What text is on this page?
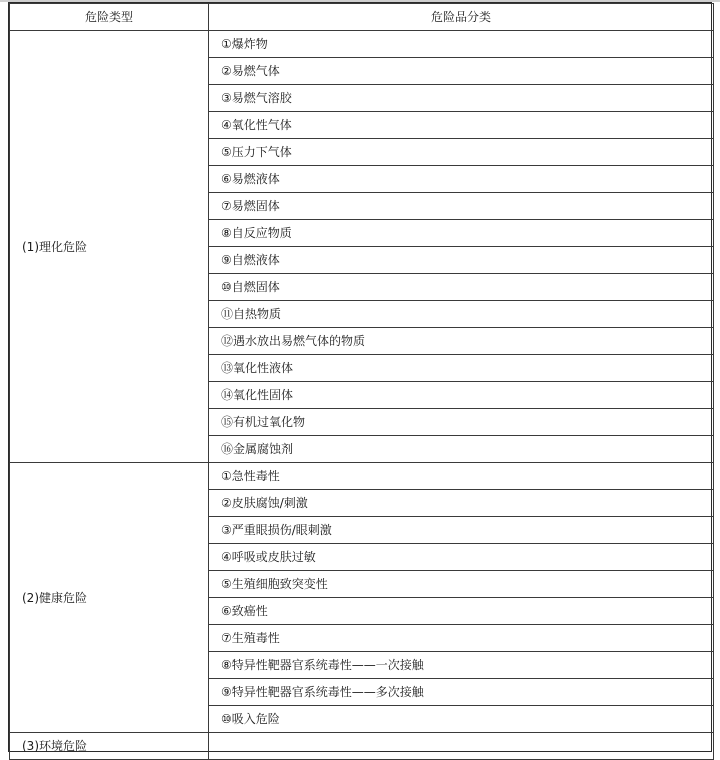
危险类型	危险品分类
(1)理化危险	①爆炸物
	②易燃气体
	③易燃气溶胶
	④氧化性气体
	⑤压力下气体
	⑥易燃液体
	⑦易燃固体
	⑧自反应物质
	⑨自燃液体
	⑩自燃固体
	⑪自热物质
	⑫遇水放出易燃气体的物质
	⑬氧化性液体
	⑭氧化性固体
	⑮有机过氧化物
	⑯金属腐蚀剂
(2)健康危险	①急性毒性
	②皮肤腐蚀/刺激
	③严重眼损伤/眼刺激
	④呼吸或皮肤过敏
	⑤生殖细胞致突变性
	⑥致癌性
	⑦生殖毒性
	⑧特异性靶器官系统毒性——一次接触
	⑨特异性靶器官系统毒性——多次接触
	⑩吸入危险
(3)环境危险	
